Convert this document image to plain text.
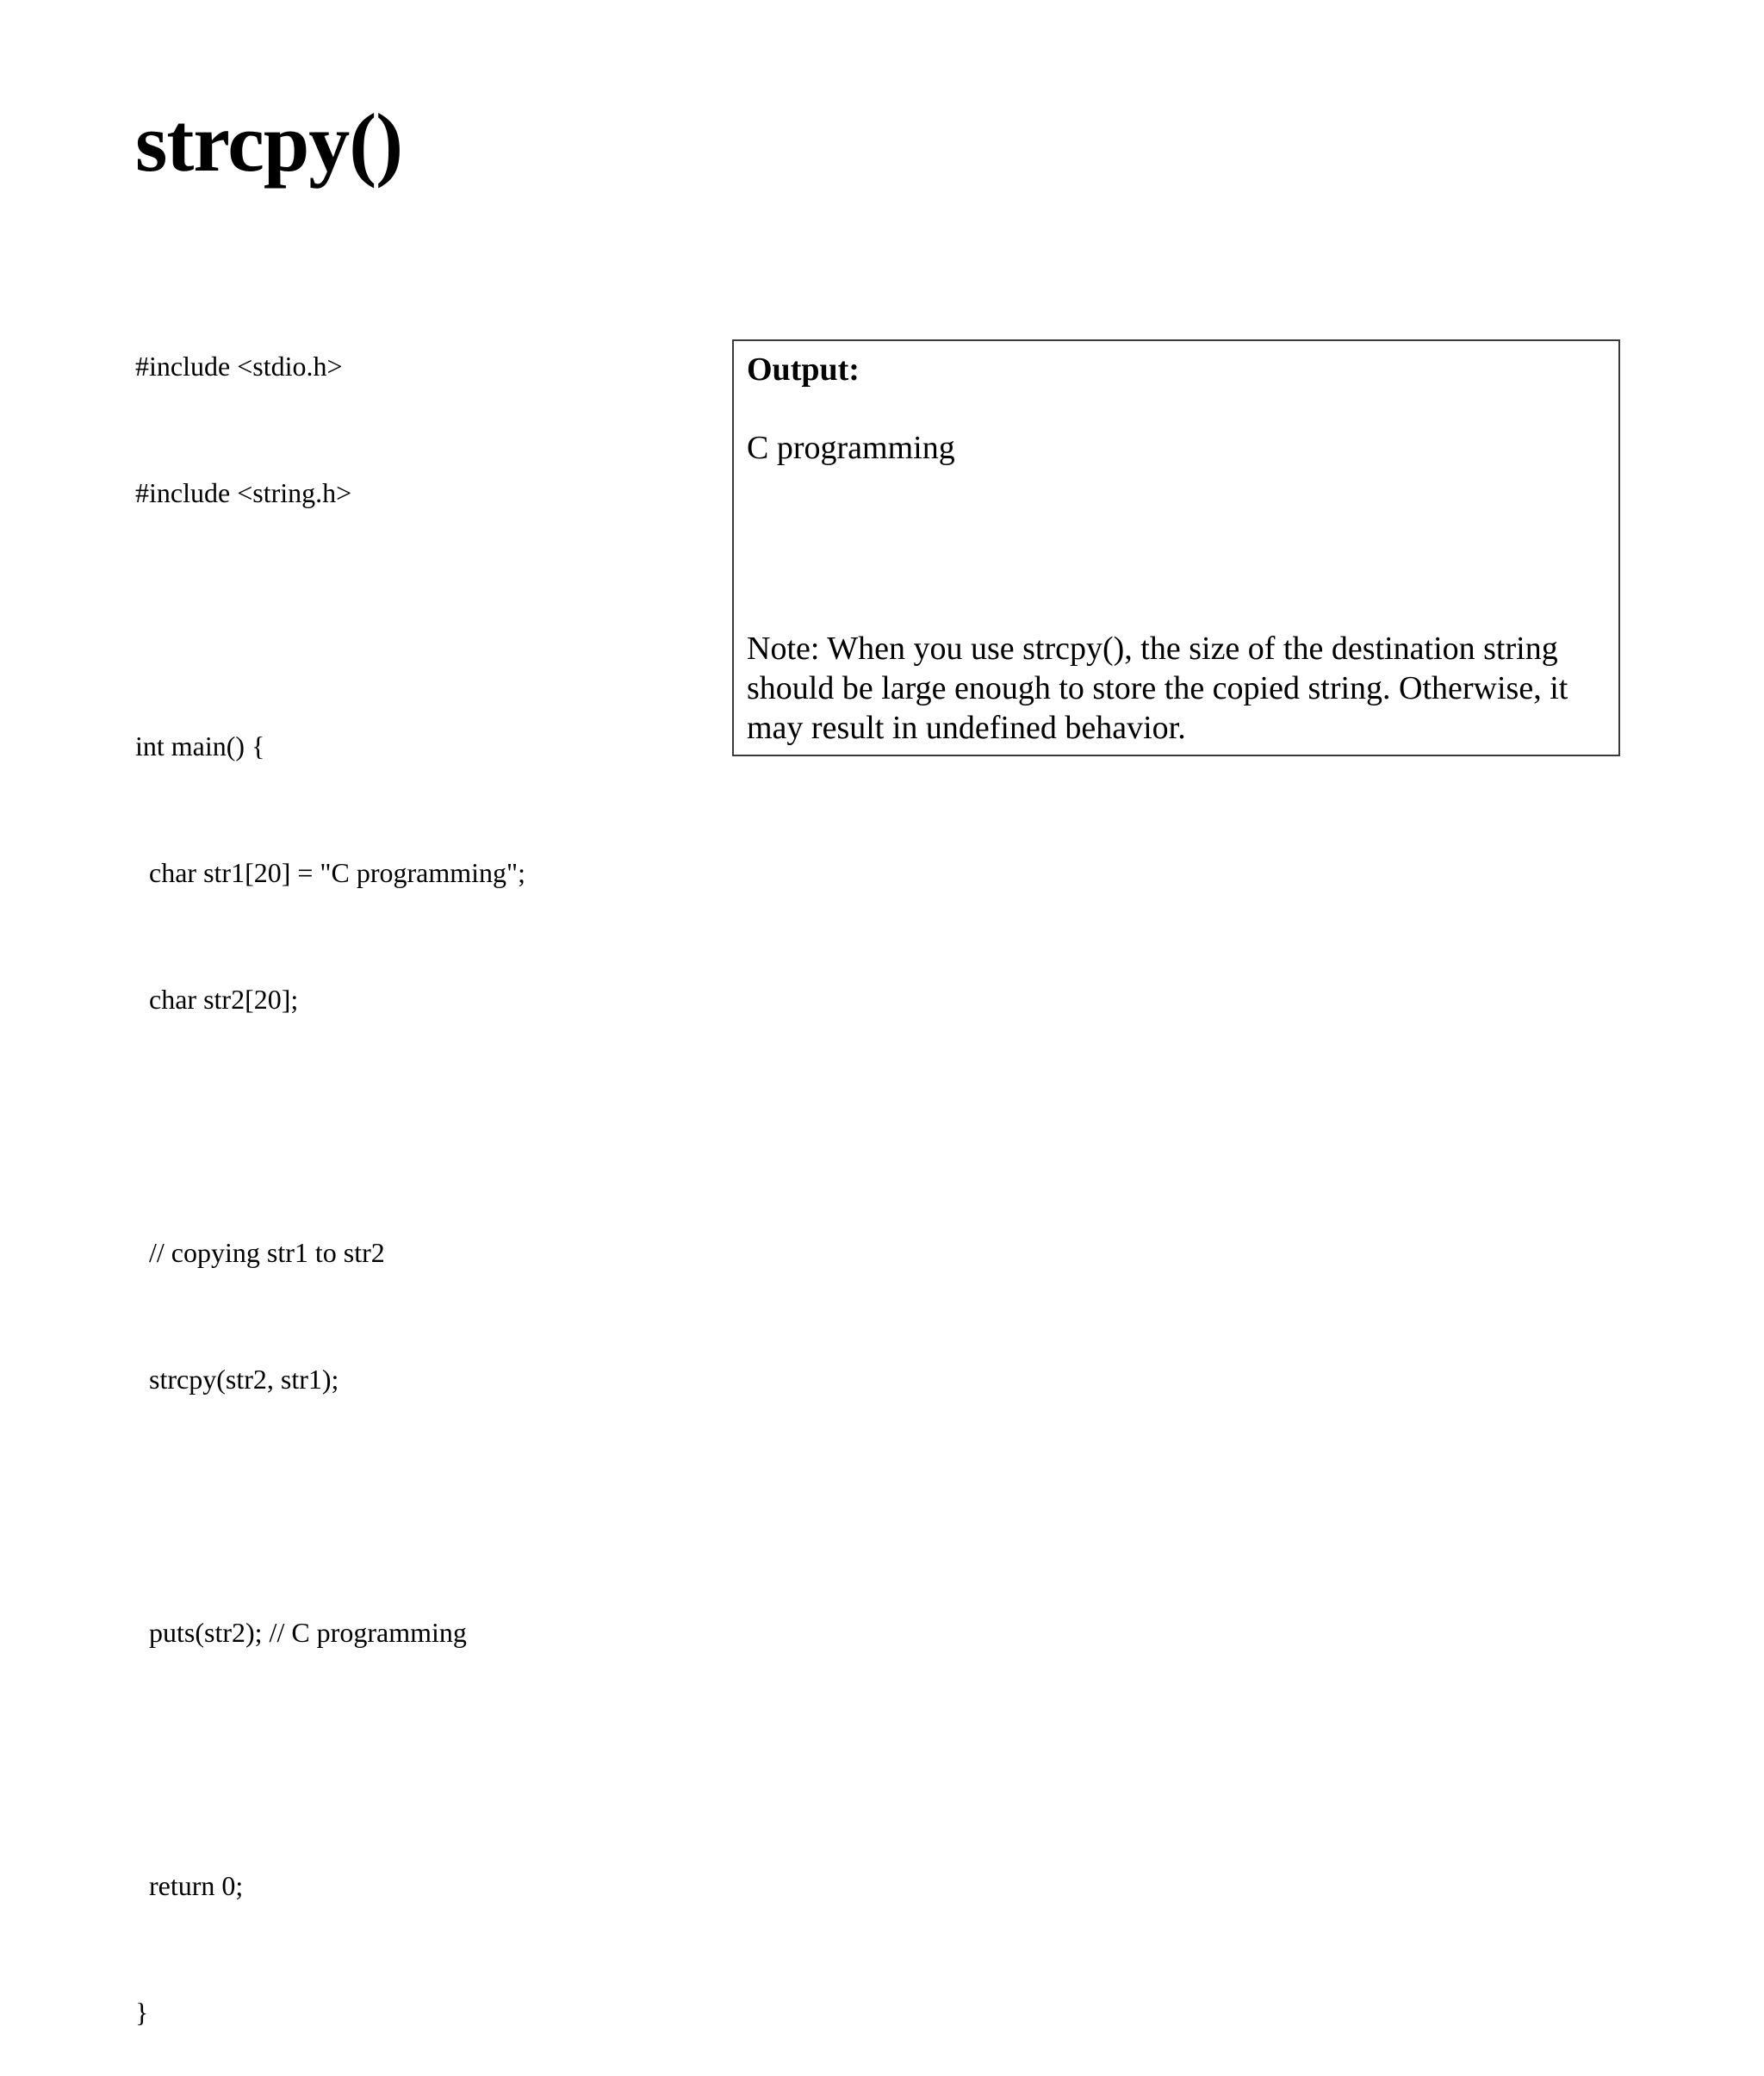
strcpy()

#include <stdio.h>

#include <string.h>

int main() {

char str1[20] = "C programming";

char str2[20];

// copying str1 to str2

strcpy(str2, str1);

puts(str2); // C programming

return 0;

}

Output:

C programming

Note: When you use strcpy(), the size of the destination string should be large enough to store the copied string. Otherwise, it may result in undefined behavior.
